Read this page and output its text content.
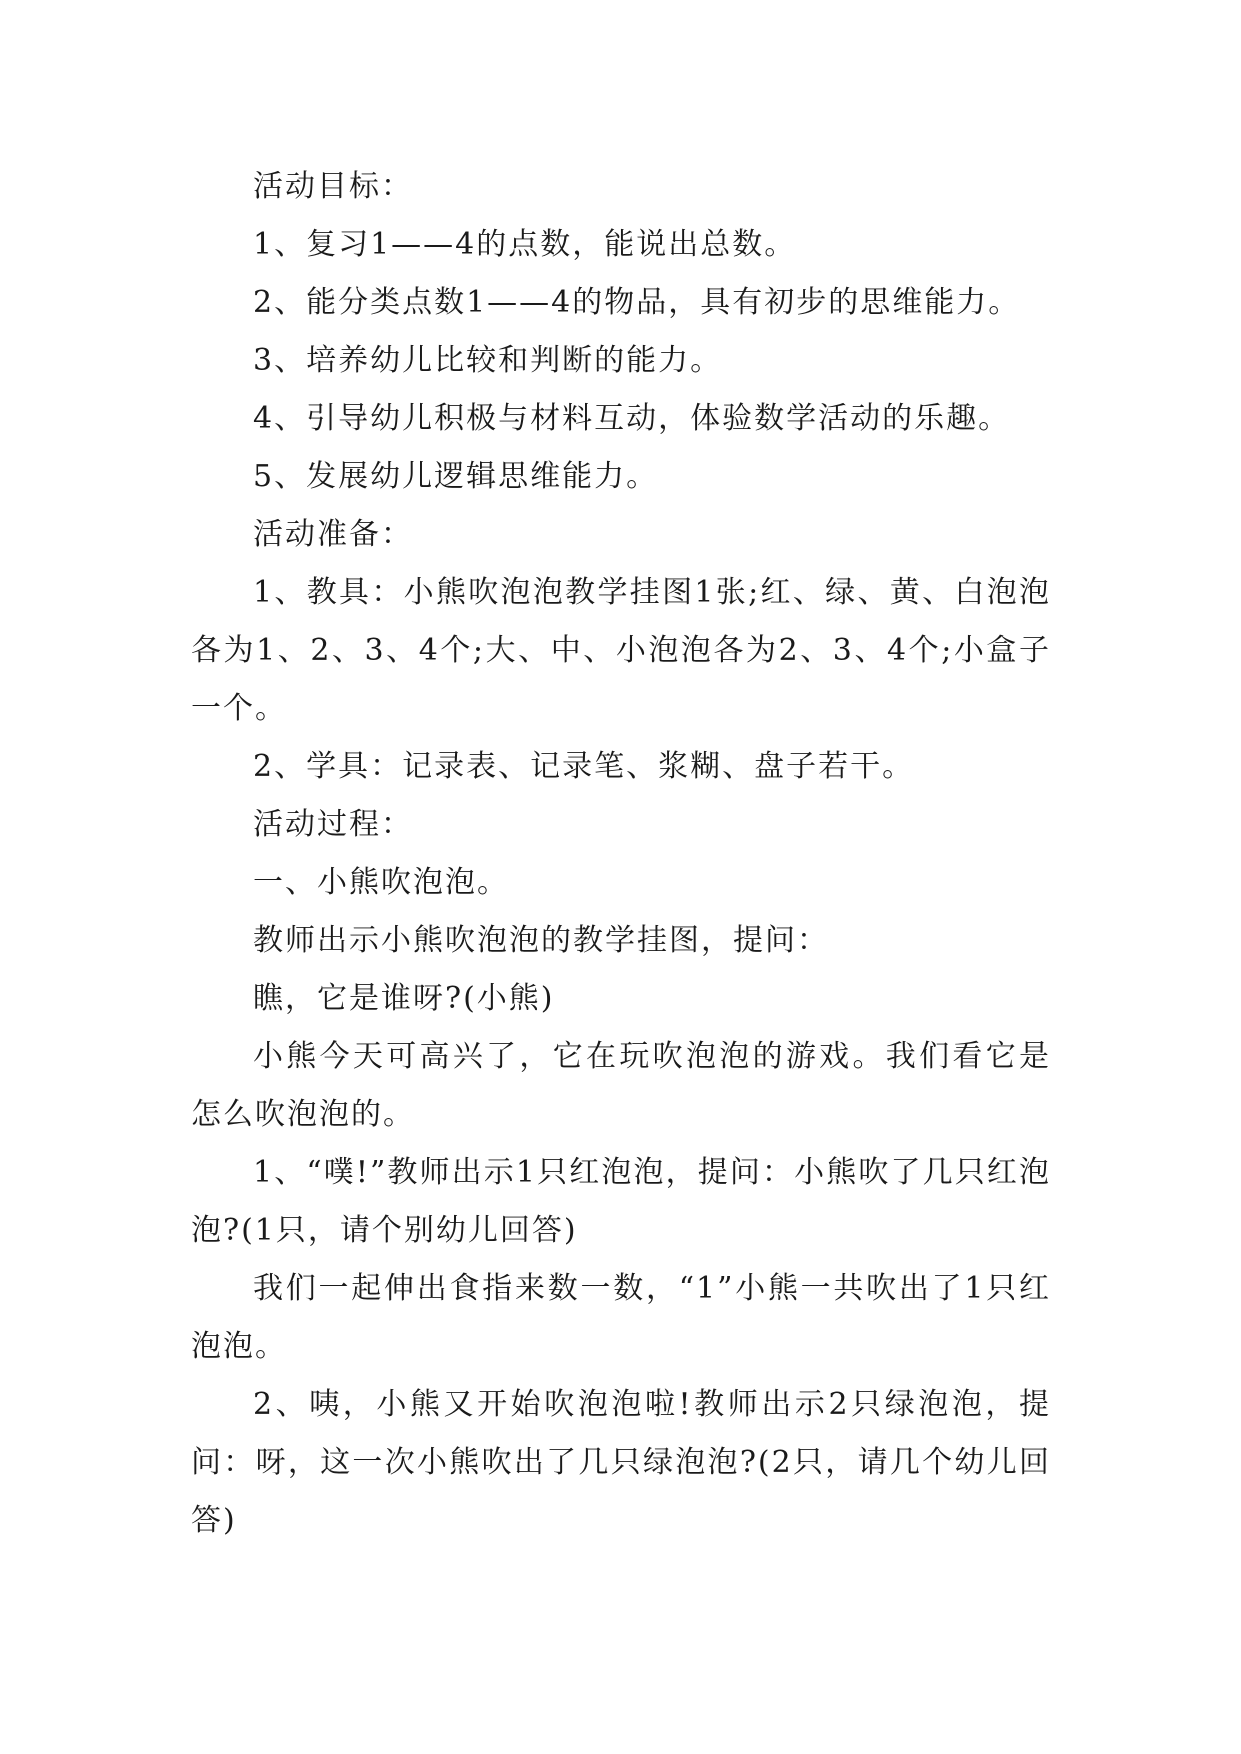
活动目标：

1、复习1——4的点数，能说出总数。

2、能分类点数1——4的物品，具有初步的思维能力。

3、培养幼儿比较和判断的能力。

4、引导幼儿积极与材料互动，体验数学活动的乐趣。

5、发展幼儿逻辑思维能力。

活动准备：

1、教具：小熊吹泡泡教学挂图1张;红、绿、黄、白泡泡各为1、2、3、4个;大、中、小泡泡各为2、3、4个;小盒子一个。

2、学具：记录表、记录笔、浆糊、盘子若干。

活动过程：

一、小熊吹泡泡。

教师出示小熊吹泡泡的教学挂图，提问：

瞧，它是谁呀?(小熊)

小熊今天可高兴了，它在玩吹泡泡的游戏。我们看它是怎么吹泡泡的。

1、“噗!”教师出示1只红泡泡，提问：小熊吹了几只红泡泡?(1只，请个别幼儿回答)

我们一起伸出食指来数一数，“1”小熊一共吹出了1只红泡泡。

2、咦，小熊又开始吹泡泡啦!教师出示2只绿泡泡，提问：呀，这一次小熊吹出了几只绿泡泡?(2只，请几个幼儿回答)
